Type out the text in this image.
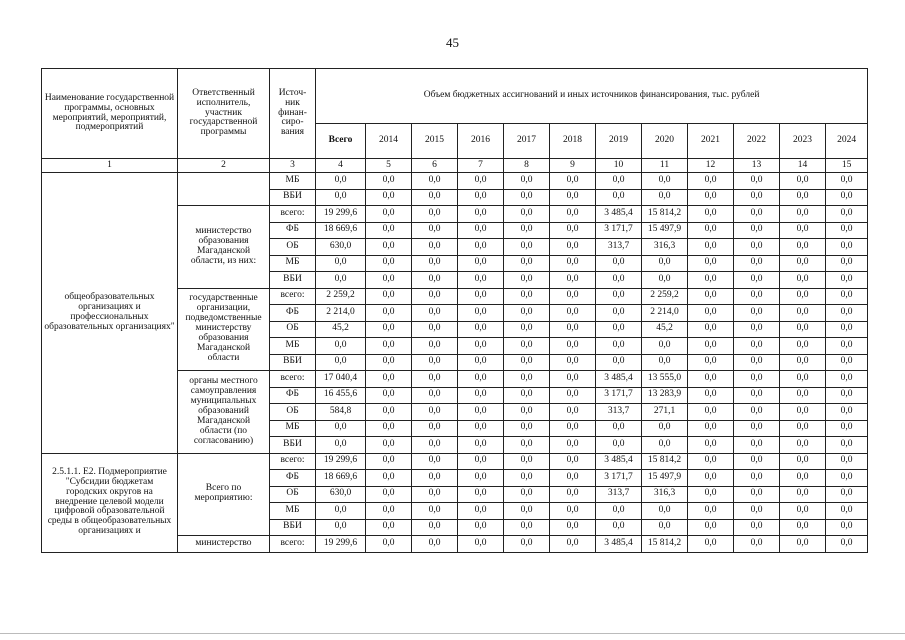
45
Наименование государственной программы, основных мероприятий, мероприятий, подмероприятий	Ответственный исполнитель, участник государственной программы	Источ-ник финан-сиро-вания	Объем бюджетных ассигнований и иных источников финансирования, тыс. рублей											
			Всего	2014	2015	2016	2017	2018	2019	2020	2021	2022	2023	2024
1	2	3	4	5	6	7	8	9	10	11	12	13	14	15
общеобразовательных организациях и профессиональных образовательных организациях"		МБ	0,0	0,0	0,0	0,0	0,0	0,0	0,0	0,0	0,0	0,0	0,0	0,0
		ВБИ	0,0	0,0	0,0	0,0	0,0	0,0	0,0	0,0	0,0	0,0	0,0	0,0
	министерство образования Магаданской области, из них:	всего:	19 299,6	0,0	0,0	0,0	0,0	0,0	3 485,4	15 814,2	0,0	0,0	0,0	0,0
		ФБ	18 669,6	0,0	0,0	0,0	0,0	0,0	3 171,7	15 497,9	0,0	0,0	0,0	0,0
		ОБ	630,0	0,0	0,0	0,0	0,0	0,0	313,7	316,3	0,0	0,0	0,0	0,0
		МБ	0,0	0,0	0,0	0,0	0,0	0,0	0,0	0,0	0,0	0,0	0,0	0,0
		ВБИ	0,0	0,0	0,0	0,0	0,0	0,0	0,0	0,0	0,0	0,0	0,0	0,0
	государственные организации, подведомственные министерству образования Магаданской области	всего:	2 259,2	0,0	0,0	0,0	0,0	0,0	0,0	2 259,2	0,0	0,0	0,0	0,0
		ФБ	2 214,0	0,0	0,0	0,0	0,0	0,0	0,0	2 214,0	0,0	0,0	0,0	0,0
		ОБ	45,2	0,0	0,0	0,0	0,0	0,0	0,0	45,2	0,0	0,0	0,0	0,0
		МБ	0,0	0,0	0,0	0,0	0,0	0,0	0,0	0,0	0,0	0,0	0,0	0,0
		ВБИ	0,0	0,0	0,0	0,0	0,0	0,0	0,0	0,0	0,0	0,0	0,0	0,0
	органы местного самоуправления муниципальных образований Магаданской области (по согласованию)	всего:	17 040,4	0,0	0,0	0,0	0,0	0,0	3 485,4	13 555,0	0,0	0,0	0,0	0,0
		ФБ	16 455,6	0,0	0,0	0,0	0,0	0,0	3 171,7	13 283,9	0,0	0,0	0,0	0,0
		ОБ	584,8	0,0	0,0	0,0	0,0	0,0	313,7	271,1	0,0	0,0	0,0	0,0
		МБ	0,0	0,0	0,0	0,0	0,0	0,0	0,0	0,0	0,0	0,0	0,0	0,0
		ВБИ	0,0	0,0	0,0	0,0	0,0	0,0	0,0	0,0	0,0	0,0	0,0	0,0
2.5.1.1. Е2. Подмероприятие "Субсидии бюджетам городских округов на внедрение целевой модели цифровой образовательной среды в общеобразовательных организациях и	Всего по мероприятию:	всего:	19 299,6	0,0	0,0	0,0	0,0	0,0	3 485,4	15 814,2	0,0	0,0	0,0	0,0
		ФБ	18 669,6	0,0	0,0	0,0	0,0	0,0	3 171,7	15 497,9	0,0	0,0	0,0	0,0
		ОБ	630,0	0,0	0,0	0,0	0,0	0,0	313,7	316,3	0,0	0,0	0,0	0,0
		МБ	0,0	0,0	0,0	0,0	0,0	0,0	0,0	0,0	0,0	0,0	0,0	0,0
		ВБИ	0,0	0,0	0,0	0,0	0,0	0,0	0,0	0,0	0,0	0,0	0,0	0,0
	министерство	всего:	19 299,6	0,0	0,0	0,0	0,0	0,0	3 485,4	15 814,2	0,0	0,0	0,0	0,0
